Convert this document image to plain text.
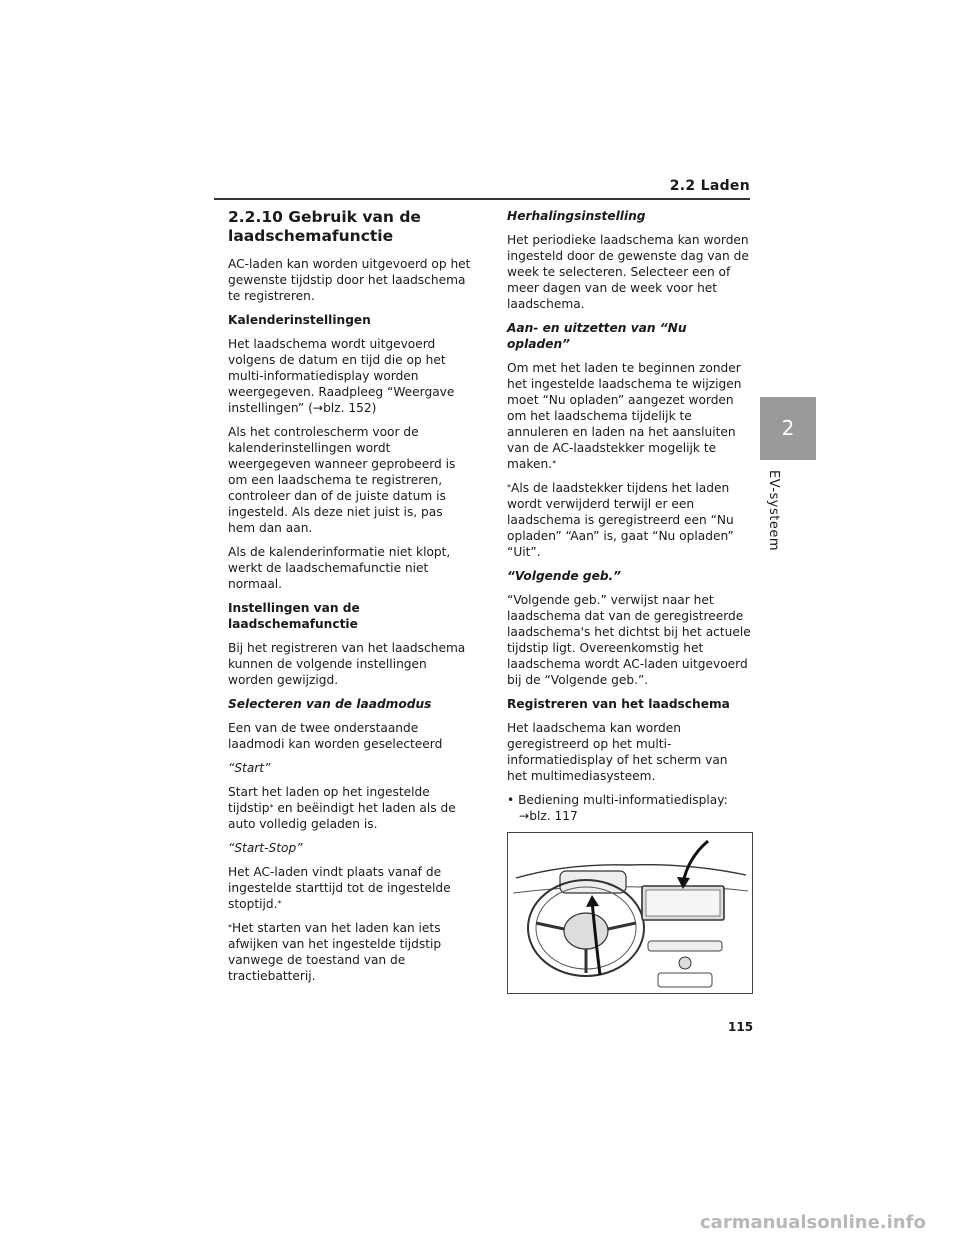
2.2 Laden
2
EV-systeem
2.2.10 Gebruik van de laadschemafunctie

AC-laden kan worden uitgevoerd op het gewenste tijdstip door het laadschema te registreren.

Kalenderinstellingen

Het laadschema wordt uitgevoerd volgens de datum en tijd die op het multi-informatiedisplay worden weergegeven. Raadpleeg “Weergave instellingen” (→blz. 152)

Als het controlescherm voor de kalenderinstellingen wordt weergegeven wanneer geprobeerd is om een laadschema te registreren, controleer dan of de juiste datum is ingesteld. Als deze niet juist is, pas hem dan aan.

Als de kalenderinformatie niet klopt, werkt de laadschemafunctie niet normaal.

Instellingen van de laadschemafunctie

Bij het registreren van het laadschema kunnen de volgende instellingen worden gewijzigd.

Selecteren van de laadmodus

Een van de twee onderstaande laadmodi kan worden geselecteerd

“Start”

Start het laden op het ingestelde tijdstip* en beëindigt het laden als de auto volledig geladen is.

“Start-Stop”

Het AC-laden vindt plaats vanaf de ingestelde starttijd tot de ingestelde stoptijd.*

*Het starten van het laden kan iets afwijken van het ingestelde tijdstip vanwege de toestand van de tractiebatterij.

Herhalingsinstelling

Het periodieke laadschema kan worden ingesteld door de gewenste dag van de week te selecteren. Selecteer een of meer dagen van de week voor het laadschema.

Aan- en uitzetten van “Nu opladen”

Om met het laden te beginnen zonder het ingestelde laadschema te wijzigen moet “Nu opladen” aangezet worden om het laadschema tijdelijk te annuleren en laden na het aansluiten van de AC-laadstekker mogelijk te maken.*

*Als de laadstekker tijdens het laden wordt verwijderd terwijl er een laadschema is geregistreerd een “Nu opladen” “Aan” is, gaat “Nu opladen” “Uit”.

“Volgende geb.”

“Volgende geb.” verwijst naar het laadschema dat van de geregistreerde laadschema's het dichtst bij het actuele tijdstip ligt. Overeenkomstig het laadschema wordt AC-laden uitgevoerd bij de “Volgende geb.”.

Registreren van het laadschema

Het laadschema kan worden geregistreerd op het multi-informatiedisplay of het scherm van het multimediasysteem.

• Bediening multi-informatiedisplay: →blz. 117

115
carmanualsonline.info
